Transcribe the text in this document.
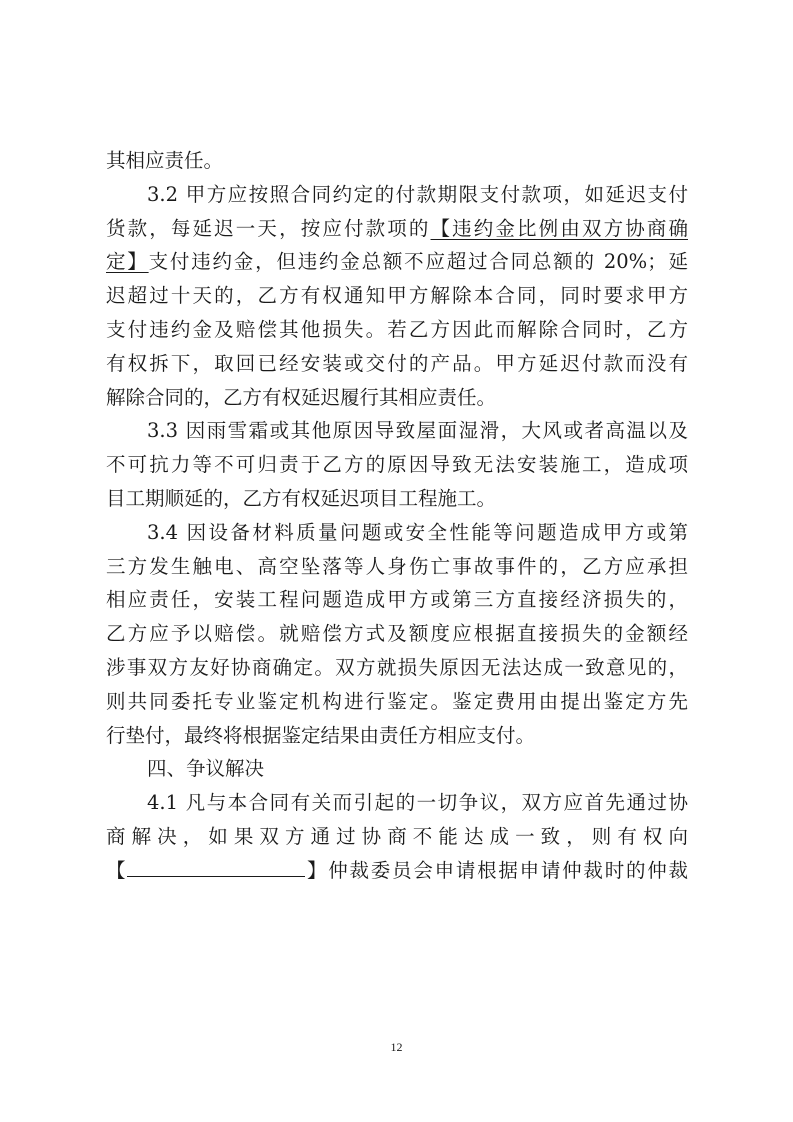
其相应责任。
3.2 甲方应按照合同约定的付款期限支付款项，如延迟支付
货款，每延迟一天，按应付款项的【违约金比例由双方协商确
定】支付违约金，但违约金总额不应超过合同总额的 20%；延
迟超过十天的，乙方有权通知甲方解除本合同，同时要求甲方
支付违约金及赔偿其他损失。若乙方因此而解除合同时，乙方
有权拆下，取回已经安装或交付的产品。甲方延迟付款而没有
解除合同的，乙方有权延迟履行其相应责任。
3.3 因雨雪霜或其他原因导致屋面湿滑，大风或者高温以及
不可抗力等不可归责于乙方的原因导致无法安装施工，造成项
目工期顺延的，乙方有权延迟项目工程施工。
3.4 因设备材料质量问题或安全性能等问题造成甲方或第
三方发生触电、高空坠落等人身伤亡事故事件的，乙方应承担
相应责任，安装工程问题造成甲方或第三方直接经济损失的，
乙方应予以赔偿。就赔偿方式及额度应根据直接损失的金额经
涉事双方友好协商确定。双方就损失原因无法达成一致意见的，
则共同委托专业鉴定机构进行鉴定。鉴定费用由提出鉴定方先
行垫付，最终将根据鉴定结果由责任方相应支付。
四、争议解决
4.1 凡与本合同有关而引起的一切争议，双方应首先通过协
商解决，如果双方通过协商不能达成一致，则有权向
【	】仲裁委员会申请根据申请仲裁时的仲裁
12
